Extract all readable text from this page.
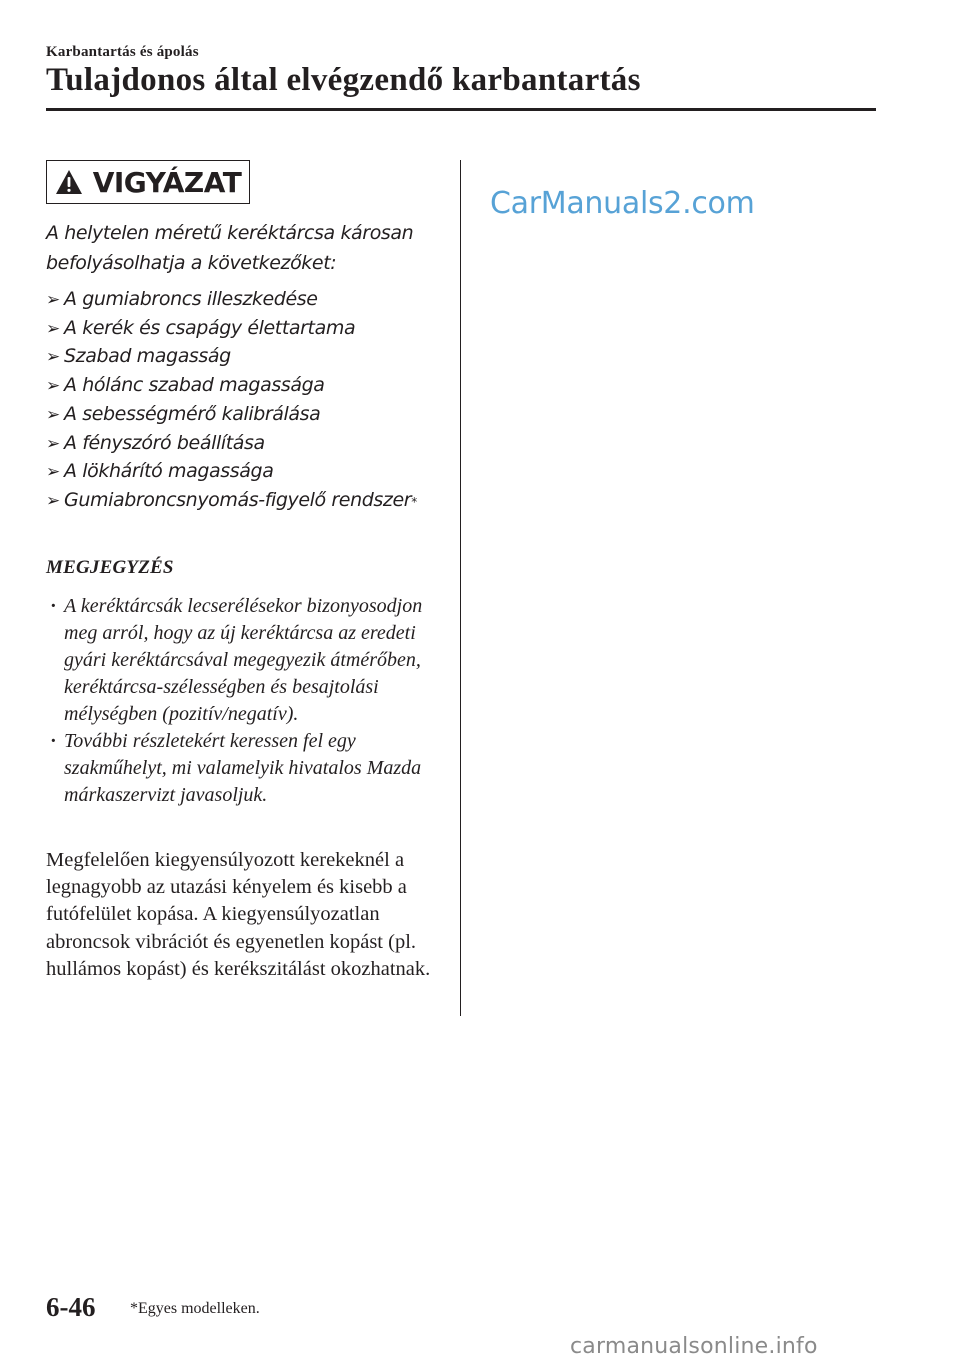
Karbantartás és ápolás
Tulajdonos által elvégzendő karbantartás
VIGYÁZAT

A helytelen méretű keréktárcsa károsan befolyásolhatja a következőket:

➢ A gumiabroncs illeszkedése
➢ A kerék és csapágy élettartama
➢ Szabad magasság
➢ A hólánc szabad magassága
➢ A sebességmérő kalibrálása
➢ A fényszóró beállítása
➢ A lökhárító magassága
➢ Gumiabroncsnyomás-figyelő rendszer *
MEGJEGYZÉS
· A keréktárcsák lecserélésekor bizonyosodjon meg arról, hogy az új keréktárcsa az eredeti gyári keréktárcsával megegyezik átmérőben, keréktárcsa-szélességben és besajtolási mélységben (pozitív/negatív).
· További részletekért keressen fel egy szakműhelyt, mi valamelyik hivatalos Mazda márkaszervizt javasoljuk.

Megfelelően kiegyensúlyozott kerekeknél a legnagyobb az utazási kényelem és kisebb a futófelület kopása. A kiegyensúlyozatlan abroncsok vibrációt és egyenetlen kopást (pl. hullámos kopást) és kerékszitálást okozhatnak.

CarManuals2.com
6-46 *Egyes modelleken.
carmanualsonline.info
